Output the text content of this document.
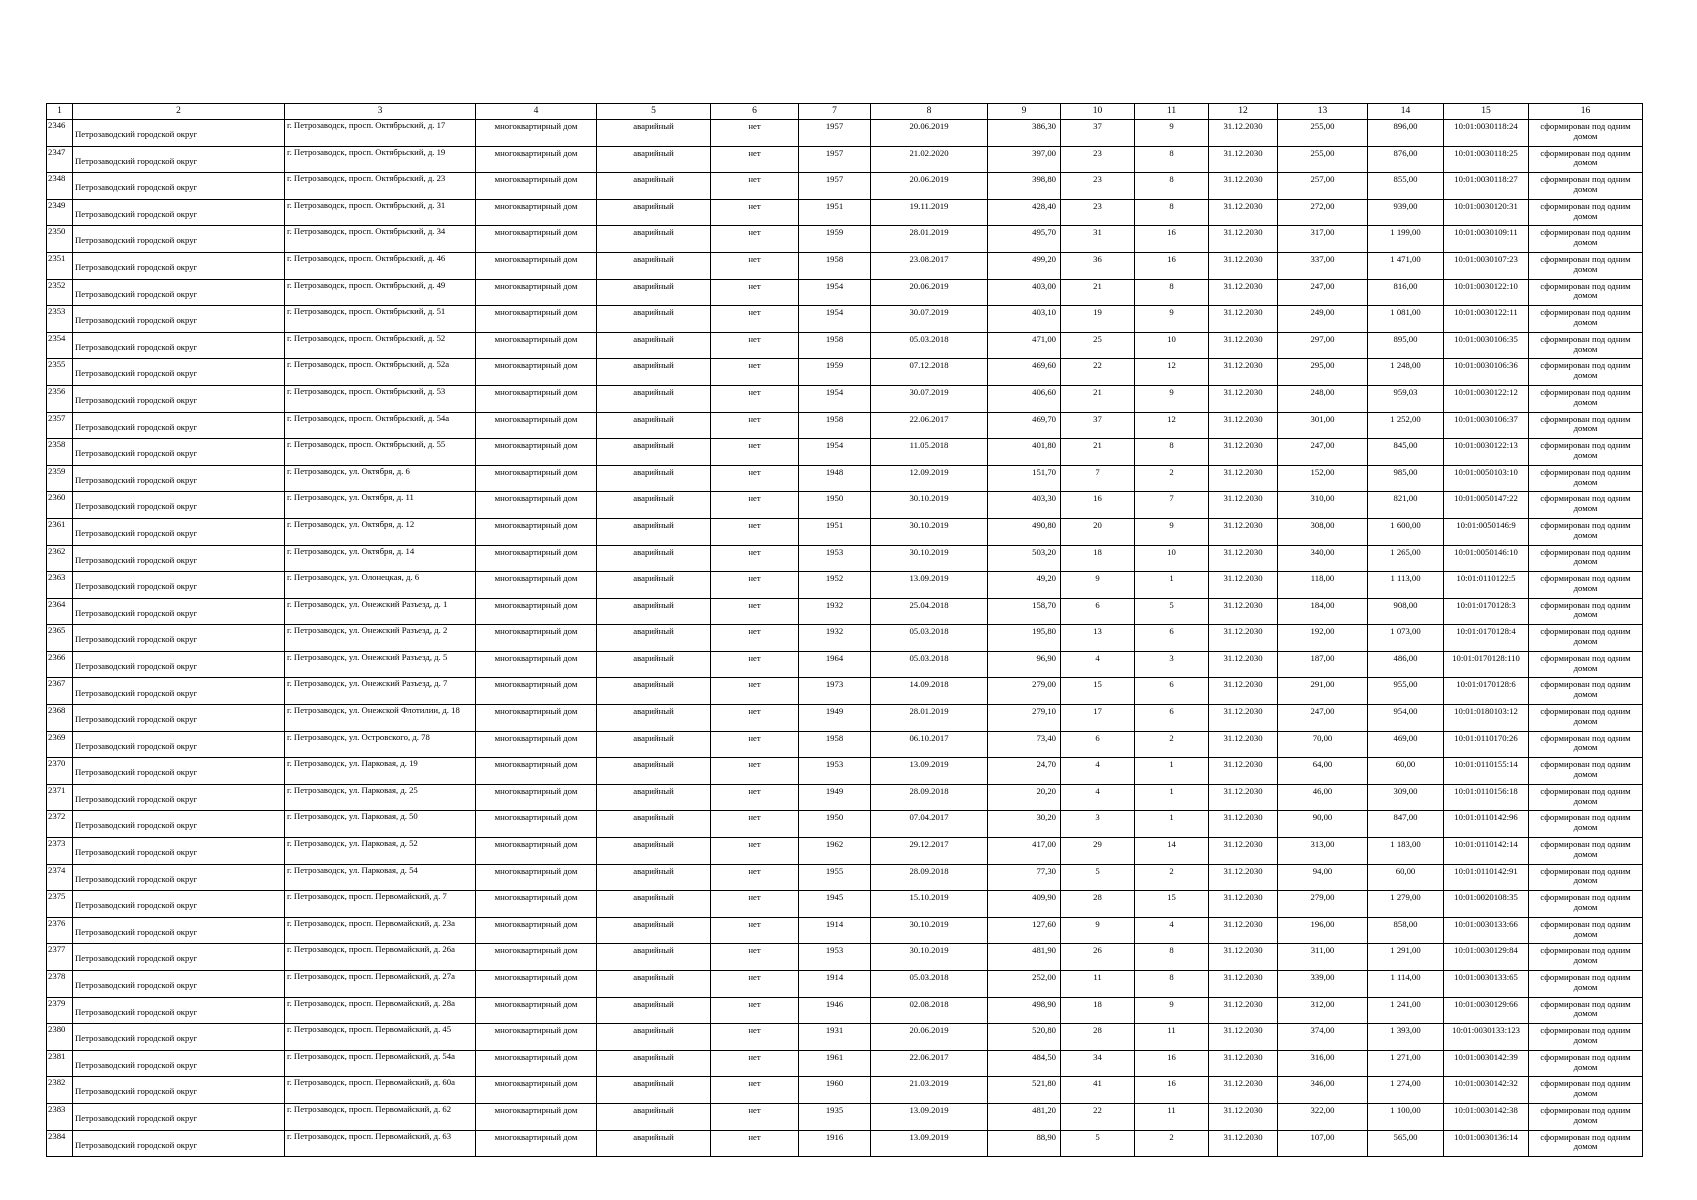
1	2	3	4	5	6	7	8	9	10	11	12	13	14	15	16
2346	Петрозаводский городской округ	г. Петрозаводск, просп. Октябрьский, д. 17	многоквартирный дом	аварийный	нет	1957	20.06.2019	386,30	37	9	31.12.2030	255,00	896,00	10:01:0030118:24	сформирован под одним домом
2347	Петрозаводский городской округ	г. Петрозаводск, просп. Октябрьский, д. 19	многоквартирный дом	аварийный	нет	1957	21.02.2020	397,00	23	8	31.12.2030	255,00	876,00	10:01:0030118:25	сформирован под одним домом
2348	Петрозаводский городской округ	г. Петрозаводск, просп. Октябрьский, д. 23	многоквартирный дом	аварийный	нет	1957	20.06.2019	398,80	23	8	31.12.2030	257,00	855,00	10:01:0030118:27	сформирован под одним домом
2349	Петрозаводский городской округ	г. Петрозаводск, просп. Октябрьский, д. 31	многоквартирный дом	аварийный	нет	1951	19.11.2019	428,40	23	8	31.12.2030	272,00	939,00	10:01:0030120:31	сформирован под одним домом
2350	Петрозаводский городской округ	г. Петрозаводск, просп. Октябрьский, д. 34	многоквартирный дом	аварийный	нет	1959	28.01.2019	495,70	31	16	31.12.2030	317,00	1 199,00	10:01:0030109:11	сформирован под одним домом
2351	Петрозаводский городской округ	г. Петрозаводск, просп. Октябрьский, д. 46	многоквартирный дом	аварийный	нет	1958	23.08.2017	499,20	36	16	31.12.2030	337,00	1 471,00	10:01:0030107:23	сформирован под одним домом
2352	Петрозаводский городской округ	г. Петрозаводск, просп. Октябрьский, д. 49	многоквартирный дом	аварийный	нет	1954	20.06.2019	403,00	21	8	31.12.2030	247,00	816,00	10:01:0030122:10	сформирован под одним домом
2353	Петрозаводский городской округ	г. Петрозаводск, просп. Октябрьский, д. 51	многоквартирный дом	аварийный	нет	1954	30.07.2019	403,10	19	9	31.12.2030	249,00	1 081,00	10:01:0030122:11	сформирован под одним домом
2354	Петрозаводский городской округ	г. Петрозаводск, просп. Октябрьский, д. 52	многоквартирный дом	аварийный	нет	1958	05.03.2018	471,00	25	10	31.12.2030	297,00	895,00	10:01:0030106:35	сформирован под одним домом
2355	Петрозаводский городской округ	г. Петрозаводск, просп. Октябрьский, д. 52а	многоквартирный дом	аварийный	нет	1959	07.12.2018	469,60	22	12	31.12.2030	295,00	1 248,00	10:01:0030106:36	сформирован под одним домом
2356	Петрозаводский городской округ	г. Петрозаводск, просп. Октябрьский, д. 53	многоквартирный дом	аварийный	нет	1954	30.07.2019	406,60	21	9	31.12.2030	248,00	959,03	10:01:0030122:12	сформирован под одним домом
2357	Петрозаводский городской округ	г. Петрозаводск, просп. Октябрьский, д. 54а	многоквартирный дом	аварийный	нет	1958	22.06.2017	469,70	37	12	31.12.2030	301,00	1 252,00	10:01:0030106:37	сформирован под одним домом
2358	Петрозаводский городской округ	г. Петрозаводск, просп. Октябрьский, д. 55	многоквартирный дом	аварийный	нет	1954	11.05.2018	401,80	21	8	31.12.2030	247,00	845,00	10:01:0030122:13	сформирован под одним домом
2359	Петрозаводский городской округ	г. Петрозаводск, ул. Октября, д. 6	многоквартирный дом	аварийный	нет	1948	12.09.2019	151,70	7	2	31.12.2030	152,00	985,00	10:01:0050103:10	сформирован под одним домом
2360	Петрозаводский городской округ	г. Петрозаводск, ул. Октября, д. 11	многоквартирный дом	аварийный	нет	1950	30.10.2019	403,30	16	7	31.12.2030	310,00	821,00	10:01:0050147:22	сформирован под одним домом
2361	Петрозаводский городской округ	г. Петрозаводск, ул. Октября, д. 12	многоквартирный дом	аварийный	нет	1951	30.10.2019	490,80	20	9	31.12.2030	308,00	1 600,00	10:01:0050146:9	сформирован под одним домом
2362	Петрозаводский городской округ	г. Петрозаводск, ул. Октября, д. 14	многоквартирный дом	аварийный	нет	1953	30.10.2019	503,20	18	10	31.12.2030	340,00	1 265,00	10:01:0050146:10	сформирован под одним домом
2363	Петрозаводский городской округ	г. Петрозаводск, ул. Олонецкая, д. 6	многоквартирный дом	аварийный	нет	1952	13.09.2019	49,20	9	1	31.12.2030	118,00	1 113,00	10:01:0110122:5	сформирован под одним домом
2364	Петрозаводский городской округ	г. Петрозаводск, ул. Онежский Разъезд, д. 1	многоквартирный дом	аварийный	нет	1932	25.04.2018	158,70	6	5	31.12.2030	184,00	908,00	10:01:0170128:3	сформирован под одним домом
2365	Петрозаводский городской округ	г. Петрозаводск, ул. Онежский Разъезд, д. 2	многоквартирный дом	аварийный	нет	1932	05.03.2018	195,80	13	6	31.12.2030	192,00	1 073,00	10:01:0170128:4	сформирован под одним домом
2366	Петрозаводский городской округ	г. Петрозаводск, ул. Онежский Разъезд, д. 5	многоквартирный дом	аварийный	нет	1964	05.03.2018	96,90	4	3	31.12.2030	187,00	486,00	10:01:0170128:110	сформирован под одним домом
2367	Петрозаводский городской округ	г. Петрозаводск, ул. Онежский Разъезд, д. 7	многоквартирный дом	аварийный	нет	1973	14.09.2018	279,00	15	6	31.12.2030	291,00	955,00	10:01:0170128:6	сформирован под одним домом
2368	Петрозаводский городской округ	г. Петрозаводск, ул. Онежской Флотилии, д. 18	многоквартирный дом	аварийный	нет	1949	28.01.2019	279,10	17	6	31.12.2030	247,00	954,00	10:01:0180103:12	сформирован под одним домом
2369	Петрозаводский городской округ	г. Петрозаводск, ул. Островского, д. 78	многоквартирный дом	аварийный	нет	1958	06.10.2017	73,40	6	2	31.12.2030	70,00	469,00	10:01:0110170:26	сформирован под одним домом
2370	Петрозаводский городской округ	г. Петрозаводск, ул. Парковая, д. 19	многоквартирный дом	аварийный	нет	1953	13.09.2019	24,70	4	1	31.12.2030	64,00	60,00	10:01:0110155:14	сформирован под одним домом
2371	Петрозаводский городской округ	г. Петрозаводск, ул. Парковая, д. 25	многоквартирный дом	аварийный	нет	1949	28.09.2018	20,20	4	1	31.12.2030	46,00	309,00	10:01:0110156:18	сформирован под одним домом
2372	Петрозаводский городской округ	г. Петрозаводск, ул. Парковая, д. 50	многоквартирный дом	аварийный	нет	1950	07.04.2017	30,20	3	1	31.12.2030	90,00	847,00	10:01:0110142:96	сформирован под одним домом
2373	Петрозаводский городской округ	г. Петрозаводск, ул. Парковая, д. 52	многоквартирный дом	аварийный	нет	1962	29.12.2017	417,00	29	14	31.12.2030	313,00	1 183,00	10:01:0110142:14	сформирован под одним домом
2374	Петрозаводский городской округ	г. Петрозаводск, ул. Парковая, д. 54	многоквартирный дом	аварийный	нет	1955	28.09.2018	77,30	5	2	31.12.2030	94,00	60,00	10:01:0110142:91	сформирован под одним домом
2375	Петрозаводский городской округ	г. Петрозаводск, просп. Первомайский, д. 7	многоквартирный дом	аварийный	нет	1945	15.10.2019	409,90	28	15	31.12.2030	279,00	1 279,00	10:01:0020108:35	сформирован под одним домом
2376	Петрозаводский городской округ	г. Петрозаводск, просп. Первомайский, д. 23а	многоквартирный дом	аварийный	нет	1914	30.10.2019	127,60	9	4	31.12.2030	196,00	858,00	10:01:0030133:66	сформирован под одним домом
2377	Петрозаводский городской округ	г. Петрозаводск, просп. Первомайский, д. 26а	многоквартирный дом	аварийный	нет	1953	30.10.2019	481,90	26	8	31.12.2030	311,00	1 291,00	10:01:0030129:84	сформирован под одним домом
2378	Петрозаводский городской округ	г. Петрозаводск, просп. Первомайский, д. 27а	многоквартирный дом	аварийный	нет	1914	05.03.2018	252,00	11	8	31.12.2030	339,00	1 114,00	10:01:0030133:65	сформирован под одним домом
2379	Петрозаводский городской округ	г. Петрозаводск, просп. Первомайский, д. 28а	многоквартирный дом	аварийный	нет	1946	02.08.2018	498,90	18	9	31.12.2030	312,00	1 241,00	10:01:0030129:66	сформирован под одним домом
2380	Петрозаводский городской округ	г. Петрозаводск, просп. Первомайский, д. 45	многоквартирный дом	аварийный	нет	1931	20.06.2019	520,80	28	11	31.12.2030	374,00	1 393,00	10:01:0030133:123	сформирован под одним домом
2381	Петрозаводский городской округ	г. Петрозаводск, просп. Первомайский, д. 54а	многоквартирный дом	аварийный	нет	1961	22.06.2017	484,50	34	16	31.12.2030	316,00	1 271,00	10:01:0030142:39	сформирован под одним домом
2382	Петрозаводский городской округ	г. Петрозаводск, просп. Первомайский, д. 60а	многоквартирный дом	аварийный	нет	1960	21.03.2019	521,80	41	16	31.12.2030	346,00	1 274,00	10:01:0030142:32	сформирован под одним домом
2383	Петрозаводский городской округ	г. Петрозаводск, просп. Первомайский, д. 62	многоквартирный дом	аварийный	нет	1935	13.09.2019	481,20	22	11	31.12.2030	322,00	1 100,00	10:01:0030142:38	сформирован под одним домом
2384	Петрозаводский городской округ	г. Петрозаводск, просп. Первомайский, д. 63	многоквартирный дом	аварийный	нет	1916	13.09.2019	88,90	5	2	31.12.2030	107,00	565,00	10:01:0030136:14	сформирован под одним домом
